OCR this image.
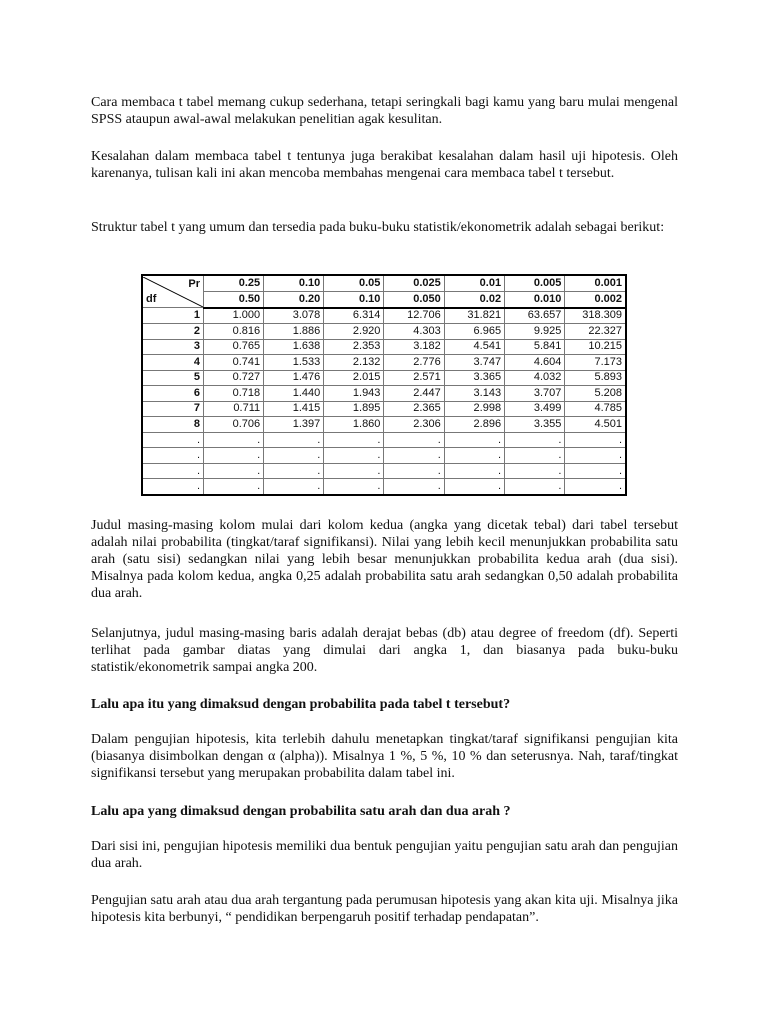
Cara membaca t tabel memang cukup sederhana, tetapi seringkali bagi kamu yang baru mulai mengenal SPSS ataupun awal-awal melakukan penelitian agak kesulitan.

Kesalahan dalam membaca tabel t tentunya juga berakibat kesalahan dalam hasil uji hipotesis. Oleh karenanya, tulisan kali ini akan mencoba membahas mengenai cara membaca tabel t tersebut.

Struktur tabel t yang umum dan tersedia pada buku-buku statistik/ekonometrik adalah sebagai berikut:

Pr
df	0.25	0.10	0.05	0.025	0.01	0.005	0.001
	0.50	0.20	0.10	0.050	0.02	0.010	0.002
1	1.000	3.078	6.314	12.706	31.821	63.657	318.309
2	0.816	1.886	2.920	4.303	6.965	9.925	22.327
3	0.765	1.638	2.353	3.182	4.541	5.841	10.215
4	0.741	1.533	2.132	2.776	3.747	4.604	7.173
5	0.727	1.476	2.015	2.571	3.365	4.032	5.893
6	0.718	1.440	1.943	2.447	3.143	3.707	5.208
7	0.711	1.415	1.895	2.365	2.998	3.499	4.785
8	0.706	1.397	1.860	2.306	2.896	3.355	4.501
.	.	.	.	.	.	.	.
.	.	.	.	.	.	.	.
.	.	.	.	.	.	.	.
.	.	.	.	.	.	.	.

Judul masing-masing kolom mulai dari kolom kedua (angka yang dicetak tebal) dari tabel tersebut adalah nilai probabilita (tingkat/taraf signifikansi). Nilai yang lebih kecil menunjukkan probabilita satu arah (satu sisi) sedangkan nilai yang lebih besar menunjukkan probabilita kedua arah (dua sisi). Misalnya pada kolom kedua, angka 0,25 adalah probabilita satu arah sedangkan 0,50 adalah probabilita dua arah.

Selanjutnya, judul masing-masing baris adalah derajat bebas (db) atau degree of freedom (df). Seperti terlihat pada gambar diatas yang dimulai dari angka 1, dan biasanya pada buku-buku statistik/ekonometrik sampai angka 200.

Lalu apa itu yang dimaksud dengan probabilita pada tabel t tersebut?

Dalam pengujian hipotesis, kita terlebih dahulu menetapkan tingkat/taraf signifikansi pengujian kita (biasanya disimbolkan dengan α (alpha)). Misalnya 1 %, 5 %, 10 % dan seterusnya. Nah, taraf/tingkat signifikansi tersebut yang merupakan probabilita dalam tabel ini.

Lalu apa yang dimaksud dengan probabilita satu arah dan dua arah ?

Dari sisi ini, pengujian hipotesis memiliki dua bentuk pengujian yaitu pengujian satu arah dan pengujian dua arah.

Pengujian satu arah atau dua arah tergantung pada perumusan hipotesis yang akan kita uji. Misalnya jika hipotesis kita berbunyi, “ pendidikan berpengaruh positif terhadap pendapatan”.
